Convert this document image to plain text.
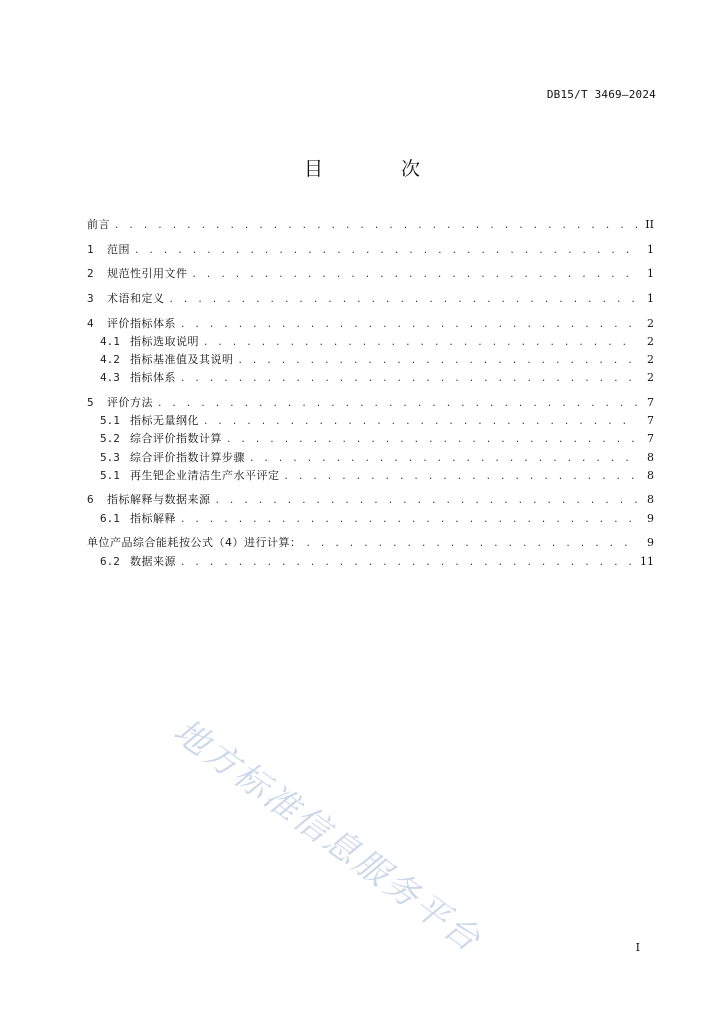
DB15/T 3469—2024
目 次
前言 . . .	II
1	范围 . . .	1
2	规范性引用文件 . . .	1
3	术语和定义 . . .	1
4	评价指标体系 . . .	2
4.1 指标选取说明 . . .	2
4.2 指标基准值及其说明 . . .	2
4.3 指标体系 . . .	2
5	评价方法 . . .	7
5.1 指标无量纲化 . . .	7
5.2 综合评价指数计算 . . .	7
5.3 综合评价指数计算步骤 . . .	8
5.1 再生钯企业清洁生产水平评定 . . .	8
6	指标解释与数据来源 . . .	8
6.1 指标解释 . . .	9
单位产品综合能耗按公式（4）进行计算： . . .	9
6.2 数据来源 . . .	11
地方标准信息服务平台	I
